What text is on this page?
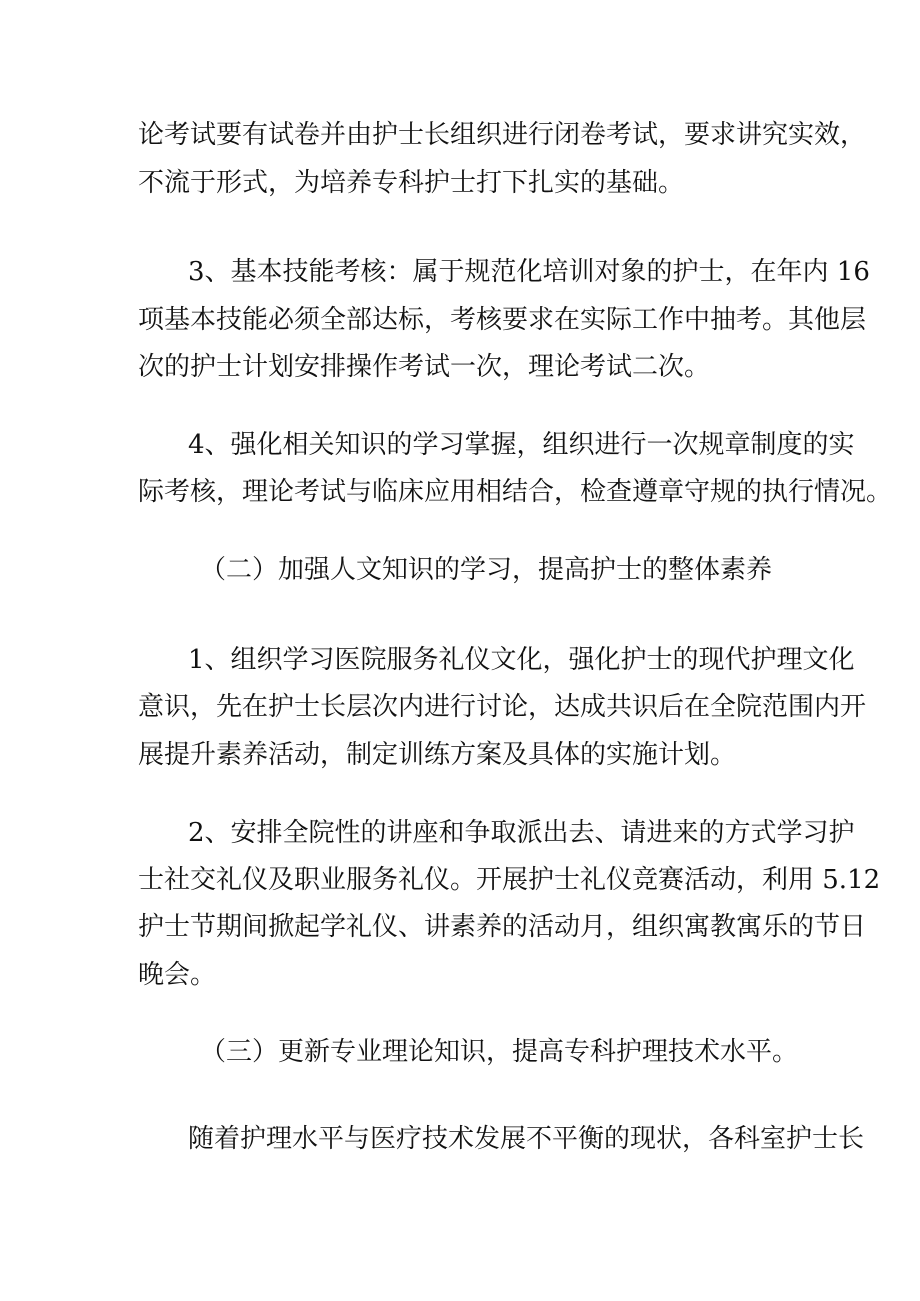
论考试要有试卷并由护士长组织进行闭卷考试，要求讲究实效，
不流于形式，为培养专科护士打下扎实的基础。
3、基本技能考核：属于规范化培训对象的护士，在年内 16
项基本技能必须全部达标，考核要求在实际工作中抽考。其他层
次的护士计划安排操作考试一次，理论考试二次。
4、强化相关知识的学习掌握，组织进行一次规章制度的实
际考核，理论考试与临床应用相结合，检查遵章守规的执行情况。
（二）加强人文知识的学习，提高护士的整体素养
1、组织学习医院服务礼仪文化，强化护士的现代护理文化
意识，先在护士长层次内进行讨论，达成共识后在全院范围内开
展提升素养活动，制定训练方案及具体的实施计划。
2、安排全院性的讲座和争取派出去、请进来的方式学习护
士社交礼仪及职业服务礼仪。开展护士礼仪竞赛活动，利用 5.12
护士节期间掀起学礼仪、讲素养的活动月，组织寓教寓乐的节日
晚会。
（三）更新专业理论知识，提高专科护理技术水平。
随着护理水平与医疗技术发展不平衡的现状，各科室护士长
